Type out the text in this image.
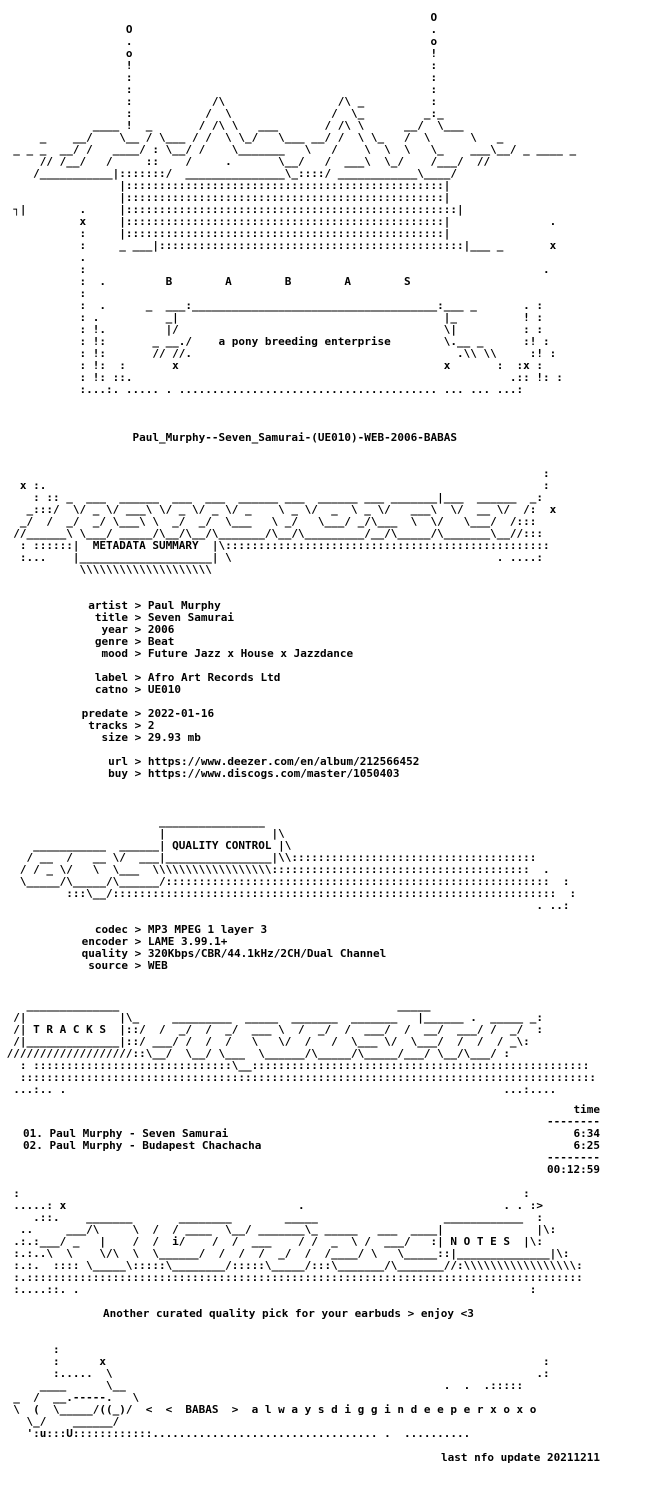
O
O                                             .
.                                             o
o                                             !
!                                             :
:                                             :
:                                             :
:            /\                 /\ _          :
:           /  \               /  \_         _:_
____ !  _       / /\ \   ___       / /\ \      __/  \___
_    __/    \__ / \___ / /  \ \_/   \___ __/ /  \ \_   /  \      \   _
_ _ _  __/ /   ____/ : \__/ /    \_______   \   /    \  \  \   \_    ___\__/ _ ____ _
// /__/   /     ::    /     .       \__/   /  ___\  \_/    /___/  //
/___________|:::::::/  _______________\_::::/ ____________\____/
|::::::::::::::::::::::::::::::::::::::::::::::::|
|::::::::::::::::::::::::::::::::::::::::::::::::|
┐|        .     |::::::::::::::::::::::::::::::::::::::::::::::::::|
x     |::::::::::::::::::::::::::::::::::::::::::::::::|               .
:     |::::::::::::::::::::::::::::::::::::::::::::::::|
:     _ ___|::::::::::::::::::::::::::::::::::::::::::::::|___ _       x
.
:                                                                     .
:  .         B        A        B        A        S
:
:  .      _  ___:_____________________________________:___ _       . :
: .          _|                                        |_          ! :
: !.         |/                                        \|          : :
: !:       _ __./    a pony breeding enterprise        \.__ _      :! :
: !:       // //.                                        .\\ \\     :! :
: !:  :       x                                        x       :  :x :
: !: ::.                                                         .:: !: :
:...:. ..... . ....................................... ... ... ...:
Paul_Murphy--Seven_Samurai-(UE010)-WEB-2006-BABAS
:
x :.                                                                           :
: :: _  ___  ______  ___  ___  ______ ___  ______ ___ _______|___  ______  _:
_:::/  \/ _ \/ ___\ \/ _ \/ _ \/ _    \ _ \/  _  \ _ \/   ___\  \/  __ \/  /:  x
_/  /  _/  _/ \___\ \  _/  _/  \___   \ _/   \___/ _/\___  \  \/   \___/  /:::
//______\ \___/ _____/\__/\__/\_______/\__/\_________/__/\_____/\_______\__//:::
: ::::::|  METADATA SUMMARY  |\:::::::::::::::::::::::::::::::::::::::::::::::::
:...    |____________________| \                                        . ....:
\\\\\\\\\\\\\\\\\\\\
artist > Paul Murphy
title > Seven Samurai
year > 2006
genre > Beat
mood > Future Jazz x House x Jazzdance
label > Afro Art Records Ltd
catno > UE010
predate > 2022-01-16
tracks > 2
size > 29.93 mb
url > https://www.deezer.com/en/album/212566452
buy > https://www.discogs.com/master/1050403
________________
|                |\
___________  ______| QUALITY CONTROL |\
/ __  /   __ \/  ___|________________|\\:::::::::::::::::::::::::::::::::::::
/ / _ \/   \  \___  \\\\\\\\\\\\\\\\\\:::::::::::::::::::::::::::::::::::::::  .
\_____/\_____/\______/::::::::::::::::::::::::::::::::::::::::::::::::::::::::::  :
:::\__/:::::::::::::::::::::::::::::::::::::::::::::::::::::::::::::::::::  :
. ..:
codec > MP3 MPEG 1 layer 3
encoder > LAME 3.99.1+
quality > 320Kbps/CBR/44.1kHz/2CH/Dual Channel
source > WEB
______________                                          _____
/|              |\_     _________  _____  _______  _______   |______ .  _____ _:
/| T R A C K S  |::/  /  _/  /  _/  ___ \  /  _/  /  ___/  /  __/  ___/ /  _/  :
/|______________|::/ ___/ /  /  /   \   \/  /   /  \___ \/  \___/  /  /  / _\:
///////////////////::\__/  \__/ \___  \______/\_____/\_____/___/ \__/\___/ :
: ::::::::::::::::::::::::::::::\__:::::::::::::::::::::::::::::::::::::::::::::::::::
:::::::::::::::::::::::::::::::::::::::::::::::::::::::::::::::::::::::::::::::::::::::
...:.. .                                                                  ...:....
time
--------
01. Paul Murphy - Seven Samurai	6:34
02. Paul Murphy - Budapest Chachacha	6:25
--------
00:12:59
:                                                                            :
.....: x                                   .                              . . :>
.::.    _______       ________        _____                   ____________  :
..     ___/\     \  /  / ____  \__/ _______\_ _____   ___  ____|              |\:
.:.:___/ _   |    /  /  i/    /  /  ___    / /  _  \ /  ___/   :| N O T E S  |\:
:.:..\  \    \/\  \  \______/  /  /  /  _/  /  /____/ \   \_____::|______________|\:
:.:.  :::: \_____\:::::\________/:::::\_____/:::\_______/\_______//:\\\\\\\\\\\\\\\\\:
:.::::::::::::::::::::::::::::::::::::::::::::::::::::::::::::::::::::::::::::::::::::
:....::. .                                                                    :
Another curated quality pick for your earbuds > enjoy <3
:
:      x                                                                  :
:.....  \                                                                .:
____      \__                                                .  .  .:::::
_  /  __.-----.   \
\  (  \_____/((_)/  <  <  BABAS  >  a l w a y s d i g g i n d e e p e r x o x o
\_/    ______/
':u:::U::::::::::::.................................. .  ..........
last nfo update 20211211
